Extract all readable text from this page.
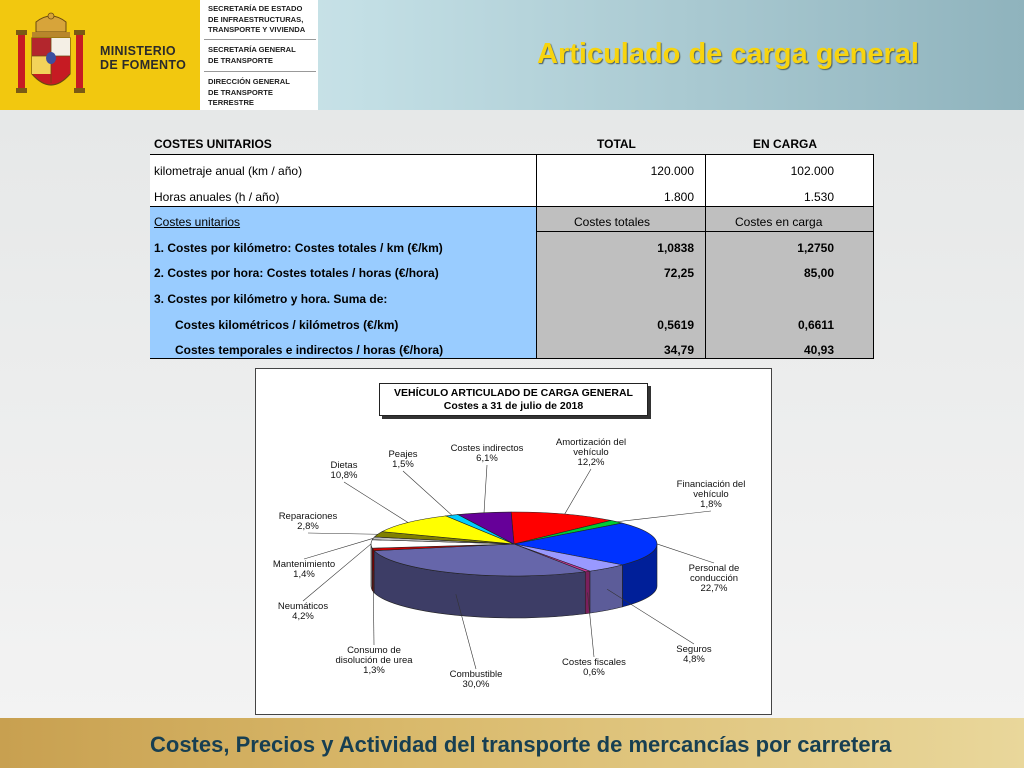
MINISTERIO
DE FOMENTO
SECRETARÍA DE ESTADO
DE INFRAESTRUCTURAS,
TRANSPORTE Y VIVIENDA
SECRETARÍA GENERAL
DE TRANSPORTE
DIRECCIÓN GENERAL
DE TRANSPORTE
TERRESTRE
Articulado de carga general
COSTES UNITARIOS	TOTAL	EN CARGA
kilometraje anual (km / año)	120.000	102.000
Horas anuales (h / año)	1.800	1.530
Costes unitarios	Costes totales	Costes en carga
1. Costes por kilómetro: Costes totales / km (€/km)	1,0838	1,2750
2. Costes por hora: Costes totales / horas (€/hora)	72,25	85,00
3. Costes por kilómetro y hora. Suma de:
Costes kilométricos / kilómetros (€/km)	0,5619	0,6611
Costes temporales e indirectos / horas (€/hora)	34,79	40,93
Amortización del vehículo 12,2%
Financiación del vehículo 1,8%
Personal de conducción 22,7%
Seguros 4,8%
Costes fiscales 0,6%
Combustible 30,0%
Consumo de disolución de urea 1,3%
Neumáticos 4,2%
Mantenimiento 1,4%
Reparaciones 2,8%
Dietas 10,8%
Peajes 1,5%
Costes indirectos 6,1%
VEHÍCULO ARTICULADO DE CARGA GENERAL
Costes a 31 de julio de 2018
Costes, Precios y Actividad del transporte de mercancías por carretera
